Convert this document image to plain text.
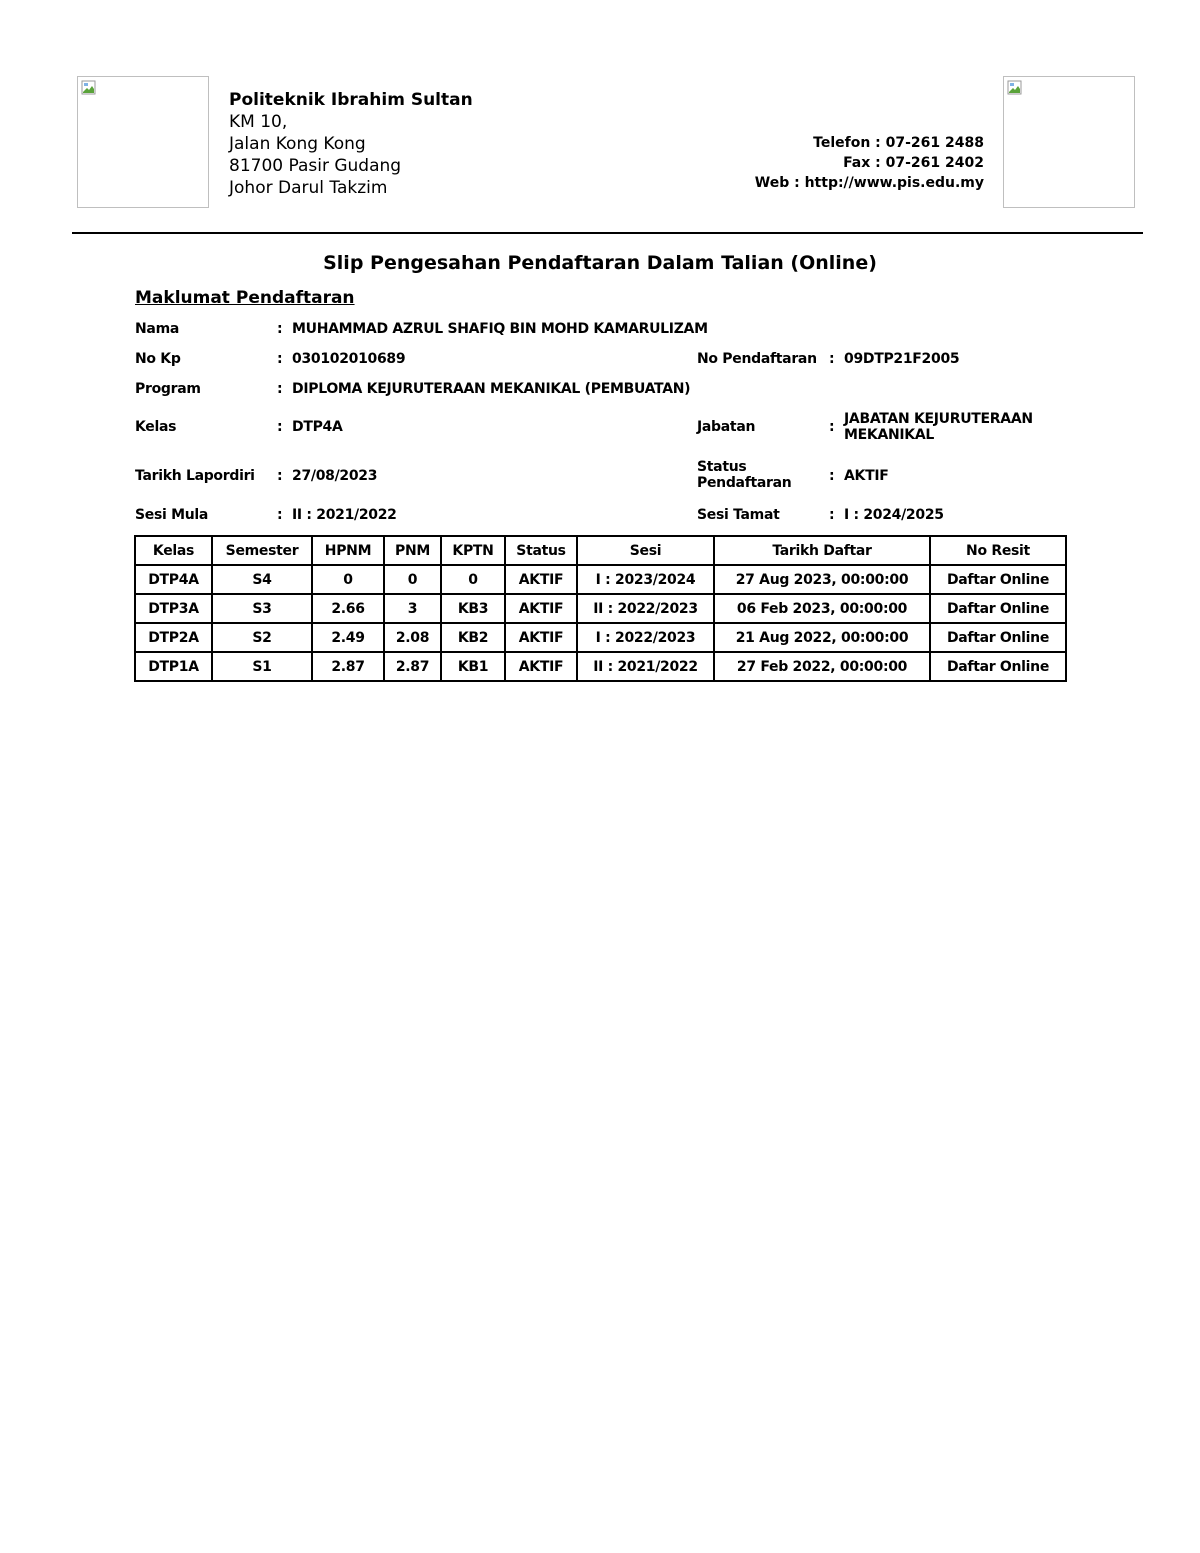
Politeknik Ibrahim Sultan
KM 10,
Jalan Kong Kong
81700 Pasir Gudang
Johor Darul Takzim
Telefon : 07-261 2488
Fax : 07-261 2402
Web : http://www.pis.edu.my
Slip Pengesahan Pendaftaran Dalam Talian (Online)
Maklumat Pendaftaran
Nama	: MUHAMMAD AZRUL SHAFIQ BIN MOHD KAMARULIZAM
No Kp	: 030102010689	No Pendaftaran : 09DTP21F2005
Program	: DIPLOMA KEJURUTERAAN MEKANIKAL (PEMBUATAN)
Kelas	: DTP4A	Jabatan	: JABATAN KEJURUTERAAN
MEKANIKAL
Tarikh Lapordiri : 27/08/2023
Status
Pendaftaran	: AKTIF
Sesi Mula	: II : 2021/2022	Sesi Tamat	: I : 2024/2025
Kelas	Semester	HPNM	PNM	KPTN	Status	Sesi	Tarikh Daftar	No Resit
DTP4A	S4	0	0	0	AKTIF	I : 2023/2024	27 Aug 2023, 00:00:00	Daftar Online
DTP3A	S3	2.66	3	KB3	AKTIF	II : 2022/2023	06 Feb 2023, 00:00:00	Daftar Online
DTP2A	S2	2.49	2.08	KB2	AKTIF	I : 2022/2023	21 Aug 2022, 00:00:00	Daftar Online
DTP1A	S1	2.87	2.87	KB1	AKTIF	II : 2021/2022	27 Feb 2022, 00:00:00	Daftar Online
